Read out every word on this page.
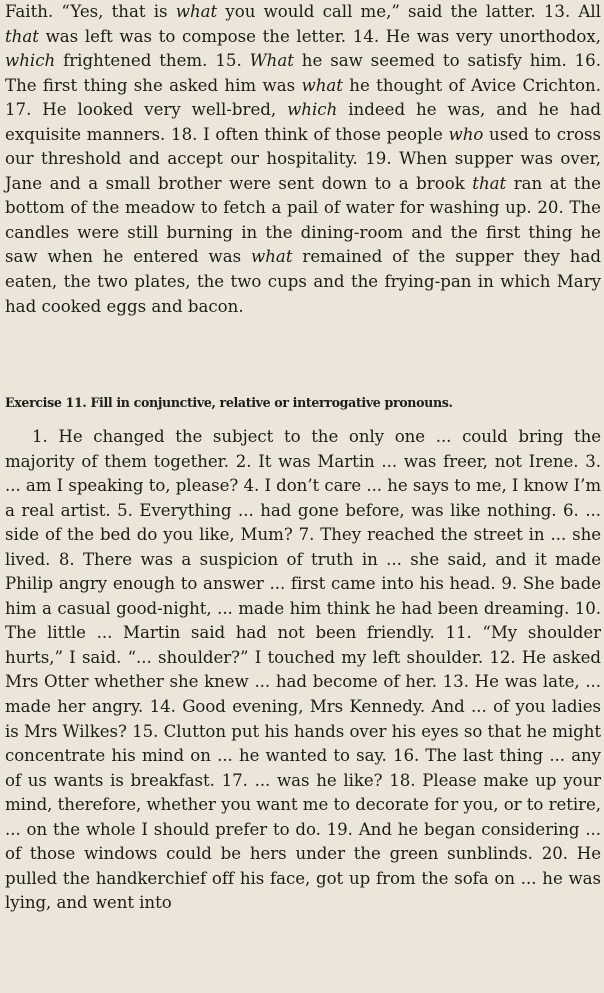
Faith. “Yes, that is what you would call me,” said the latter. 13. All that was left was to compose the letter. 14. He was very unorthodox, which frightened them. 15. What he saw seemed to satisfy him. 16. The first thing she asked him was what he thought of Avice Crichton. 17. He looked very well-bred, which indeed he was, and he had exquisite manners. 18. I often think of those people who used to cross our threshold and accept our hospitality. 19. When supper was over, Jane and a small brother were sent down to a brook that ran at the bottom of the meadow to fetch a pail of water for washing up. 20. The candles were still burning in the dining-room and the first thing he saw when he entered was what remained of the supper they had eaten, the two plates, the two cups and the frying-pan in which Mary had cooked eggs and bacon.

Exercise 11. Fill in conjunctive, relative or interrogative pronouns.

1. He changed the subject to the only one ... could bring the majority of them together. 2. It was Martin ... was freer, not Irene. 3. ... am I speaking to, please? 4. I don’t care ... he says to me, I know I’m a real artist. 5. Everything ... had gone before, was like nothing. 6. ... side of the bed do you like, Mum? 7. They reached the street in ... she lived. 8. There was a suspicion of truth in ... she said, and it made Philip angry enough to answer ... first came into his head. 9. She bade him a casual good-night, ... made him think he had been dreaming. 10. The little ... Martin said had not been friendly. 11. “My shoulder hurts,” I said. “... shoulder?” I touched my left shoulder. 12. He asked Mrs Otter whether she knew ... had become of her. 13. He was late, ... made her angry. 14. Good evening, Mrs Kennedy. And ... of you ladies is Mrs Wilkes? 15. Clutton put his hands over his eyes so that he might concentrate his mind on ... he wanted to say. 16. The last thing ... any of us wants is breakfast. 17. ... was he like? 18. Please make up your mind, therefore, whether you want me to decorate for you, or to retire, ... on the whole I should prefer to do. 19. And he began considering ... of those windows could be hers under the green sunblinds. 20. He pulled the handkerchief off his face, got up from the sofa on ... he was lying, and went into
